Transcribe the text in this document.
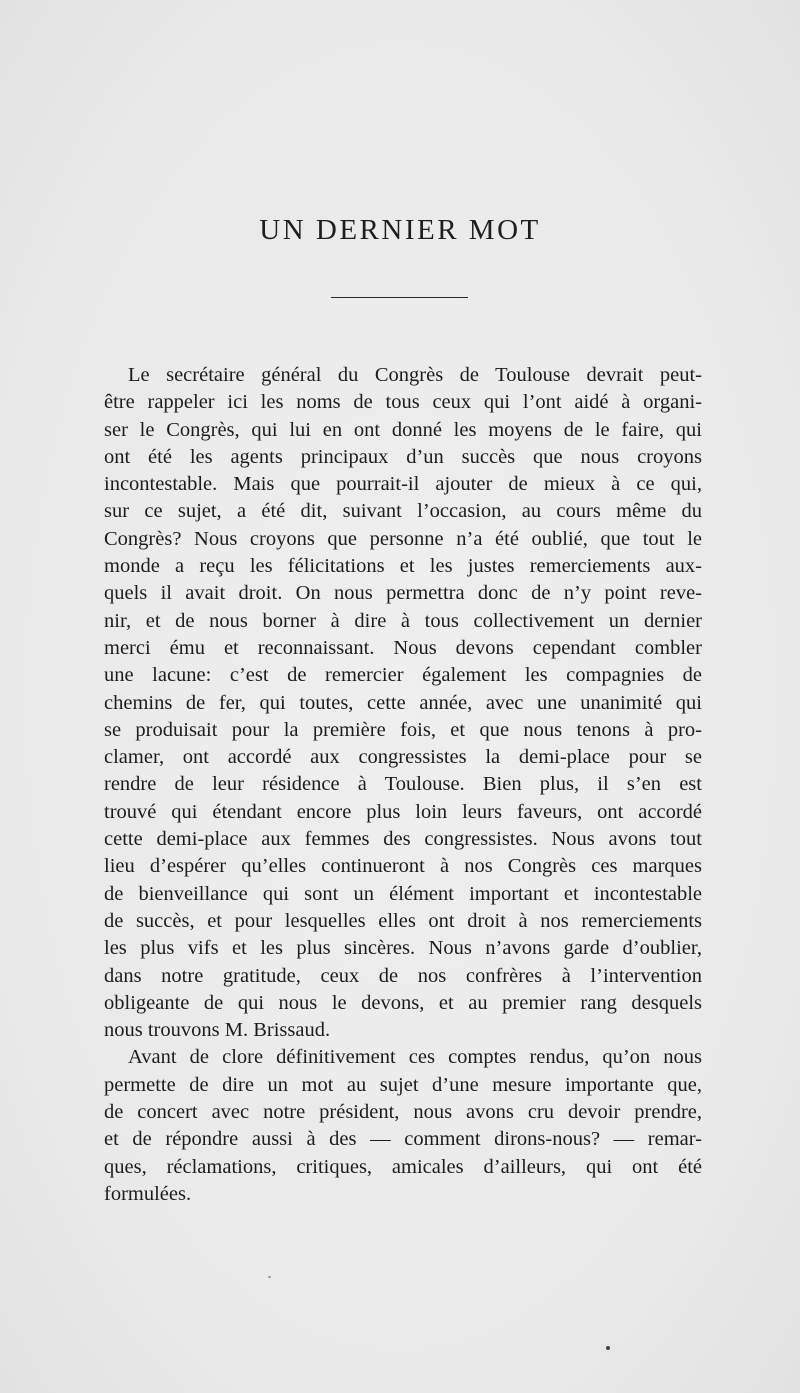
UN DERNIER MOT

Le secrétaire général du Congrès de Toulouse devrait peut-
être rappeler ici les noms de tous ceux qui l’ont aidé à organi-
ser le Congrès, qui lui en ont donné les moyens de le faire, qui
ont été les agents principaux d’un succès que nous croyons
incontestable. Mais que pourrait-il ajouter de mieux à ce qui,
sur ce sujet, a été dit, suivant l’occasion, au cours même du
Congrès? Nous croyons que personne n’a été oublié, que tout le
monde a reçu les félicitations et les justes remerciements aux-
quels il avait droit. On nous permettra donc de n’y point reve-
nir, et de nous borner à dire à tous collectivement un dernier
merci ému et reconnaissant. Nous devons cependant combler
une lacune: c’est de remercier également les compagnies de
chemins de fer, qui toutes, cette année, avec une unanimité qui
se produisait pour la première fois, et que nous tenons à pro-
clamer, ont accordé aux congressistes la demi-place pour se
rendre de leur résidence à Toulouse. Bien plus, il s’en est
trouvé qui étendant encore plus loin leurs faveurs, ont accordé
cette demi-place aux femmes des congressistes. Nous avons tout
lieu d’espérer qu’elles continueront à nos Congrès ces marques
de bienveillance qui sont un élément important et incontestable
de succès, et pour lesquelles elles ont droit à nos remerciements
les plus vifs et les plus sincères. Nous n’avons garde d’oublier,
dans notre gratitude, ceux de nos confrères à l’intervention
obligeante de qui nous le devons, et au premier rang desquels
nous trouvons M. Brissaud.

Avant de clore définitivement ces comptes rendus, qu’on nous
permette de dire un mot au sujet d’une mesure importante que,
de concert avec notre président, nous avons cru devoir prendre,
et de répondre aussi à des — comment dirons-nous? — remar-
ques, réclamations, critiques, amicales d’ailleurs, qui ont été
formulées.
